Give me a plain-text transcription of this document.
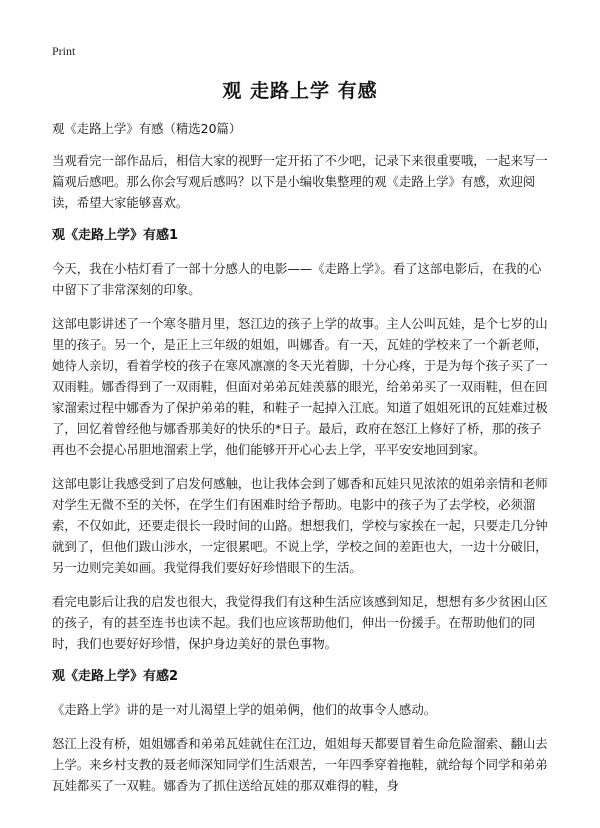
Print
观 走路上学 有感

观《走路上学》有感（精选20篇）

当观看完一部作品后，相信大家的视野一定开拓了不少吧，记录下来很重要哦，一起来写一篇观后感吧。那么你会写观后感吗？以下是小编收集整理的观《走路上学》有感，欢迎阅读，希望大家能够喜欢。

观《走路上学》有感1

今天，我在小桔灯看了一部十分感人的电影——《走路上学》。看了这部电影后，在我的心中留下了非常深刻的印象。

这部电影讲述了一个寒冬腊月里，怒江边的孩子上学的故事。主人公叫瓦娃，是个七岁的山里的孩子。另一个，是正上三年级的姐姐，叫娜香。有一天，瓦娃的学校来了一个新老师，她待人亲切，看着学校的孩子在寒风凛凛的冬天光着脚，十分心疼，于是为每个孩子买了一双雨鞋。娜香得到了一双雨鞋，但面对弟弟瓦娃羡慕的眼光，给弟弟买了一双雨鞋，但在回家溜索过程中娜香为了保护弟弟的鞋，和鞋子一起掉入江底。知道了姐姐死讯的瓦娃难过极了，回忆着曾经他与娜香那美好的快乐的*日子。最后，政府在怒江上修好了桥，那的孩子再也不会提心吊胆地溜索上学，他们能够开开心心去上学，平平安安地回到家。

这部电影让我感受到了启发何感触，也让我体会到了娜香和瓦娃只见浓浓的姐弟亲情和老师对学生无微不至的关怀，在学生们有困难时给予帮助。电影中的孩子为了去学校，必须溜索，不仅如此，还要走很长一段时间的山路。想想我们，学校与家挨在一起，只要走几分钟就到了，但他们跋山涉水，一定很累吧。不说上学，学校之间的差距也大，一边十分破旧，另一边则完美如画。我觉得我们要好好珍惜眼下的生活。

看完电影后让我的启发也很大，我觉得我们有这种生活应该感到知足，想想有多少贫困山区的孩子，有的甚至连书也读不起。我们也应该帮助他们，伸出一份援手。在帮助他们的同时，我们也要好好珍惜，保护身边美好的景色事物。

观《走路上学》有感2

《走路上学》讲的是一对儿渴望上学的姐弟俩，他们的故事令人感动。

怒江上没有桥，姐姐娜香和弟弟瓦娃就住在江边，姐姐每天都要冒着生命危险溜索、翻山去上学。来乡村支教的聂老师深知同学们生活艰苦，一年四季穿着拖鞋，就给每个同学和弟弟瓦娃都买了一双鞋。娜香为了抓住送给瓦娃的那双难得的鞋，身
